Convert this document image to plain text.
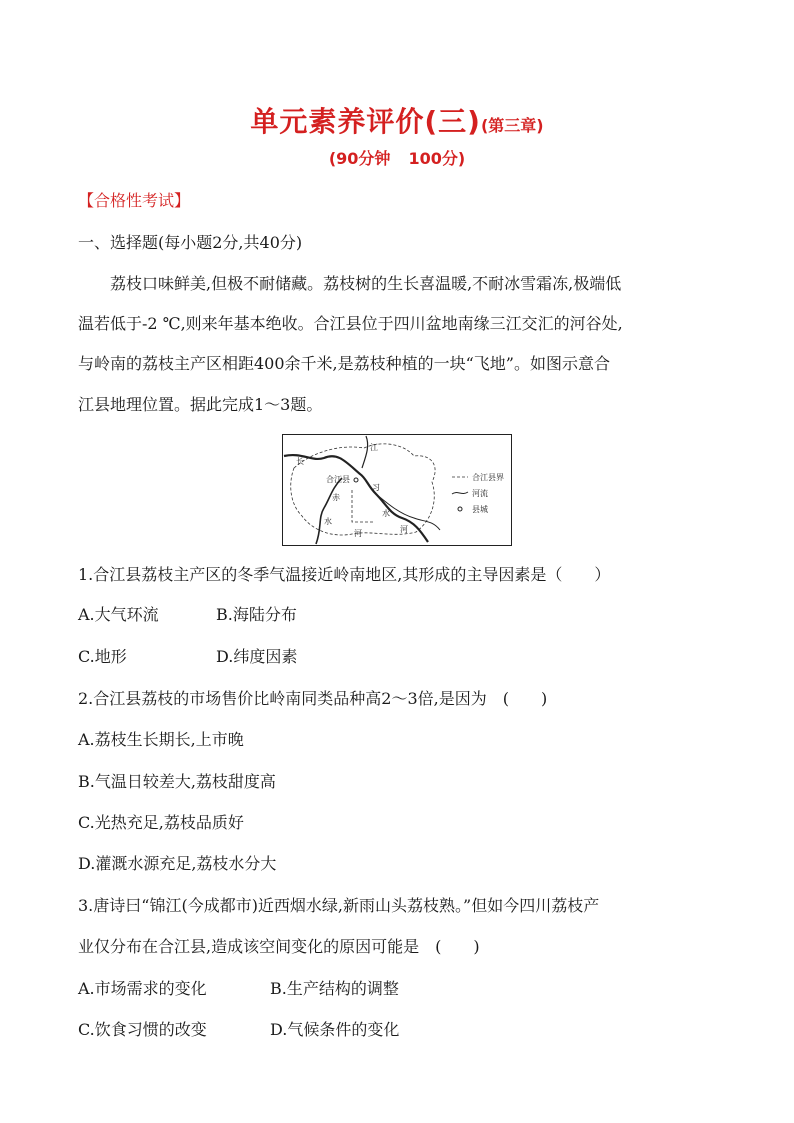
单元素养评价(三)(第三章)
(90分钟 100分)
【合格性考试】
一、选择题(每小题2分,共40分)
荔枝口味鲜美,但极不耐储藏。荔枝树的生长喜温暖,不耐冰雪霜冻,极端低
温若低于-2 ℃,则来年基本绝收。合江县位于四川盆地南缘三江交汇的河谷处,
与岭南的荔枝主产区相距400余千米,是荔枝种植的一块“飞地”。如图示意合
江县地理位置。据此完成1～3题。
长
江
合江县
赤
习
水
河
水
河
合江县界
河流
县城
1.合江县荔枝主产区的冬季气温接近岭南地区,其形成的主导因素是（　　）
A.大气环流	B.海陆分布
C.地形	D.纬度因素
2.合江县荔枝的市场售价比岭南同类品种高2～3倍,是因为　(　　)
A.荔枝生长期长,上市晚
B.气温日较差大,荔枝甜度高
C.光热充足,荔枝品质好
D.灌溉水源充足,荔枝水分大
3.唐诗曰“锦江(今成都市)近西烟水绿,新雨山头荔枝熟。”但如今四川荔枝产
业仅分布在合江县,造成该空间变化的原因可能是　(　　)
A.市场需求的变化	B.生产结构的调整
C.饮食习惯的改变	D.气候条件的变化
